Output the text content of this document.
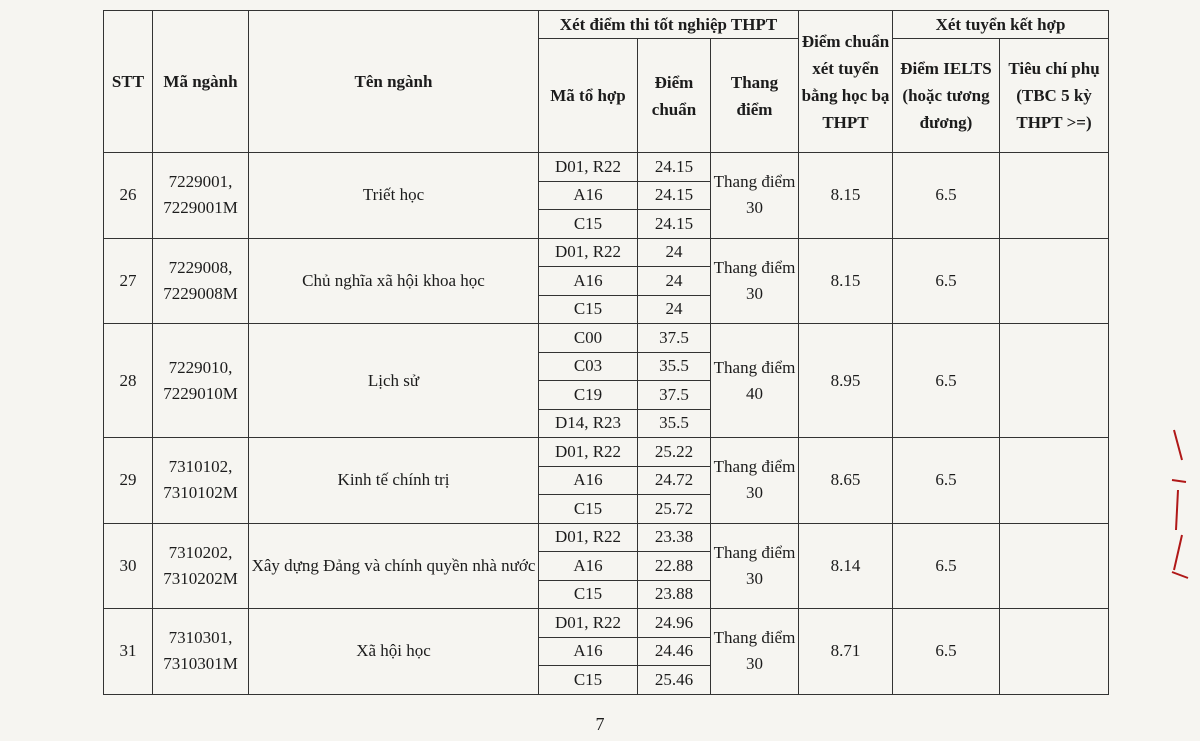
STT	Mã ngành	Tên ngành	Xét điểm thi tốt nghiệp THPT			Điểm chuẩn xét tuyển bằng học bạ THPT	Xét tuyển kết hợp	
			Mã tổ hợp	Điểm chuẩn	Thang điểm		Điểm IELTS (hoặc tương đương)	Tiêu chí phụ (TBC 5 kỳ THPT >=)
26	7229001, 7229001M	Triết học	D01, R22	24.15	Thang điểm 30	8.15	6.5	
			A16	24.15				
			C15	24.15				
27	7229008, 7229008M	Chủ nghĩa xã hội khoa học	D01, R22	24	Thang điểm 30	8.15	6.5	
			A16	24				
			C15	24				
28	7229010, 7229010M	Lịch sử	C00	37.5	Thang điểm 40	8.95	6.5	
			C03	35.5				
			C19	37.5				
			D14, R23	35.5				
29	7310102, 7310102M	Kinh tế chính trị	D01, R22	25.22	Thang điểm 30	8.65	6.5	
			A16	24.72				
			C15	25.72				
30	7310202, 7310202M	Xây dựng Đảng và chính quyền nhà nước	D01, R22	23.38	Thang điểm 30	8.14	6.5	
			A16	22.88				
			C15	23.88				
31	7310301, 7310301M	Xã hội học	D01, R22	24.96	Thang điểm 30	8.71	6.5	
			A16	24.46				
			C15	25.46				
7
